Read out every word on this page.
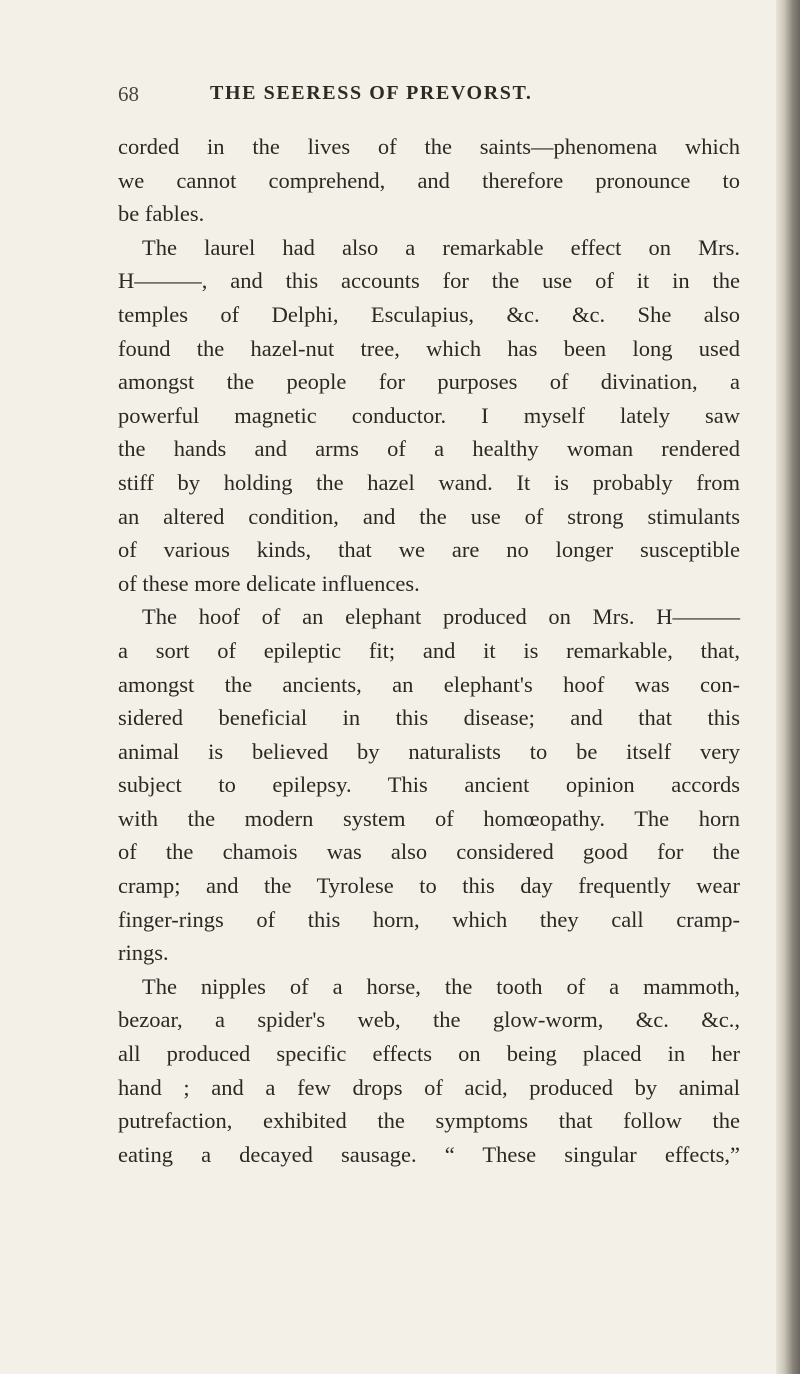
68	THE SEERESS OF PREVORST.
corded in the lives of the saints—phenomena which
we cannot comprehend, and therefore pronounce to
be fables.
The laurel had also a remarkable effect on Mrs.
H———, and this accounts for the use of it in the
temples of Delphi, Esculapius, &c. &c. She also
found the hazel-nut tree, which has been long used
amongst the people for purposes of divination, a
powerful magnetic conductor. I myself lately saw
the hands and arms of a healthy woman rendered
stiff by holding the hazel wand. It is probably from
an altered condition, and the use of strong stimulants
of various kinds, that we are no longer susceptible
of these more delicate influences.
The hoof of an elephant produced on Mrs. H———
a sort of epileptic fit; and it is remarkable, that,
amongst the ancients, an elephant's hoof was con-
sidered beneficial in this disease; and that this
animal is believed by naturalists to be itself very
subject to epilepsy. This ancient opinion accords
with the modern system of homœopathy. The horn
of the chamois was also considered good for the
cramp; and the Tyrolese to this day frequently wear
finger-rings of this horn, which they call cramp-
rings.
The nipples of a horse, the tooth of a mammoth,
bezoar, a spider's web, the glow-worm, &c. &c.,
all produced specific effects on being placed in her
hand ; and a few drops of acid, produced by animal
putrefaction, exhibited the symptoms that follow the
eating a decayed sausage. “ These singular effects,”
